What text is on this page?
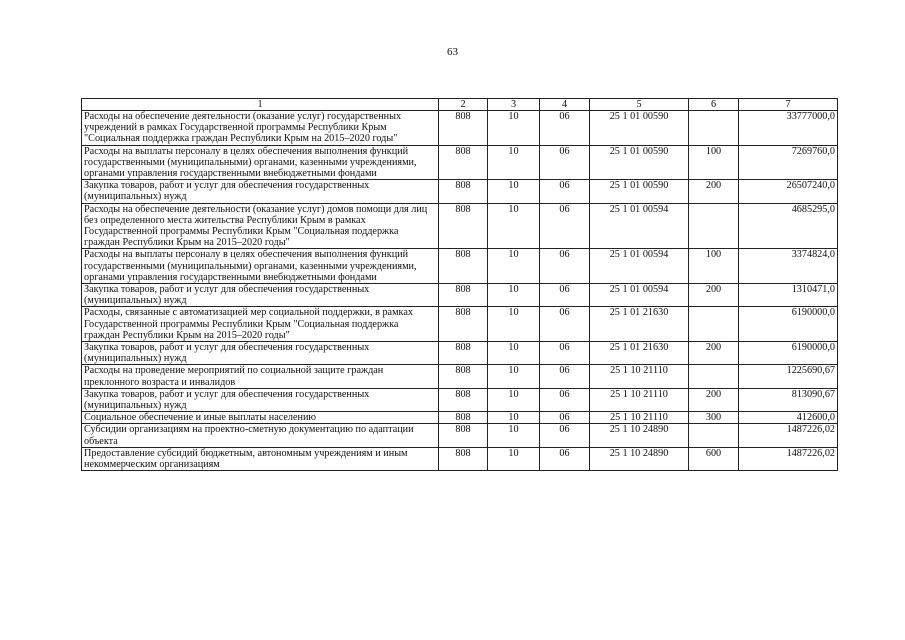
63
1	2	3	4	5	6	7
Расходы на обеспечение деятельности (оказание услуг) государственных учреждений в рамках Государственной программы Республики Крым "Социальная поддержка граждан Республики Крым на 2015–2020 годы"	808	10	06	25 1 01 00590		33777000,0
Расходы на выплаты персоналу в целях обеспечения выполнения функций государственными (муниципальными) органами, казенными учреждениями, органами управления государственными внебюджетными фондами	808	10	06	25 1 01 00590	100	7269760,0
Закупка товаров, работ и услуг для обеспечения государственных (муниципальных) нужд	808	10	06	25 1 01 00590	200	26507240,0
Расходы на обеспечение деятельности (оказание услуг) домов помощи для лиц без определенного места жительства Республики Крым в рамках Государственной программы Республики Крым "Социальная поддержка граждан Республики Крым на 2015–2020 годы"	808	10	06	25 1 01 00594		4685295,0
Расходы на выплаты персоналу в целях обеспечения выполнения функций государственными (муниципальными) органами, казенными учреждениями, органами управления государственными внебюджетными фондами	808	10	06	25 1 01 00594	100	3374824,0
Закупка товаров, работ и услуг для обеспечения государственных (муниципальных) нужд	808	10	06	25 1 01 00594	200	1310471,0
Расходы, связанные с автоматизацией мер социальной поддержки, в рамках Государственной программы Республики Крым "Социальная поддержка граждан Республики Крым на 2015–2020 годы"	808	10	06	25 1 01 21630		6190000,0
Закупка товаров, работ и услуг для обеспечения государственных (муниципальных) нужд	808	10	06	25 1 01 21630	200	6190000,0
Расходы на проведение мероприятий по социальной защите граждан преклонного возраста и инвалидов	808	10	06	25 1 10 21110		1225690,67
Закупка товаров, работ и услуг для обеспечения государственных (муниципальных) нужд	808	10	06	25 1 10 21110	200	813090,67
Социальное обеспечение и иные выплаты населению	808	10	06	25 1 10 21110	300	412600,0
Субсидии организациям на проектно-сметную документацию по адаптации объекта	808	10	06	25 1 10 24890		1487226,02
Предоставление субсидий бюджетным, автономным учреждениям и иным некоммерческим организациям	808	10	06	25 1 10 24890	600	1487226,02
